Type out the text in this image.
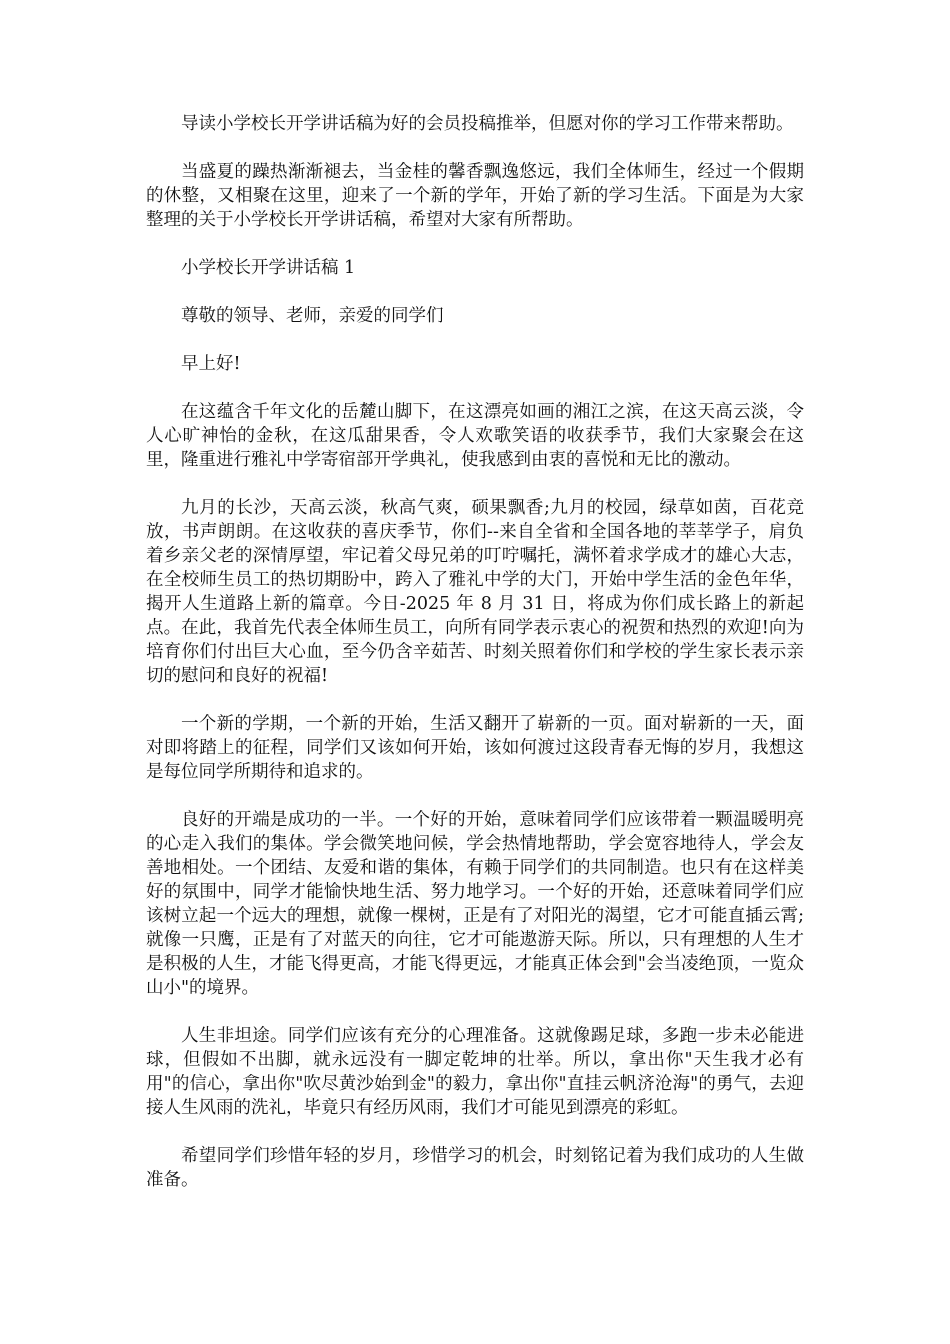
导读小学校长开学讲话稿为好的会员投稿推举，但愿对你的学习工作带来帮助。

当盛夏的躁热渐渐褪去，当金桂的馨香飘逸悠远，我们全体师生，经过一个假期的休整，又相聚在这里，迎来了一个新的学年，开始了新的学习生活。下面是为大家整理的关于小学校长开学讲话稿，希望对大家有所帮助。

小学校长开学讲话稿 1

尊敬的领导、老师，亲爱的同学们

早上好!

在这蕴含千年文化的岳麓山脚下，在这漂亮如画的湘江之滨，在这天高云淡，令人心旷神怡的金秋，在这瓜甜果香，令人欢歌笑语的收获季节，我们大家聚会在这里，隆重进行雅礼中学寄宿部开学典礼，使我感到由衷的喜悦和无比的激动。

九月的长沙，天高云淡，秋高气爽，硕果飘香;九月的校园，绿草如茵，百花竞放，书声朗朗。在这收获的喜庆季节，你们--来自全省和全国各地的莘莘学子，肩负着乡亲父老的深情厚望，牢记着父母兄弟的叮咛嘱托，满怀着求学成才的雄心大志，在全校师生员工的热切期盼中，跨入了雅礼中学的大门，开始中学生活的金色年华，揭开人生道路上新的篇章。今日-2025 年 8 月 31 日，将成为你们成长路上的新起点。在此，我首先代表全体师生员工，向所有同学表示衷心的祝贺和热烈的欢迎!向为培育你们付出巨大心血，至今仍含辛茹苦、时刻关照着你们和学校的学生家长表示亲切的慰问和良好的祝福!

一个新的学期，一个新的开始，生活又翻开了崭新的一页。面对崭新的一天，面对即将踏上的征程，同学们又该如何开始，该如何渡过这段青春无悔的岁月，我想这是每位同学所期待和追求的。

良好的开端是成功的一半。一个好的开始，意味着同学们应该带着一颗温暖明亮的心走入我们的集体。学会微笑地问候，学会热情地帮助，学会宽容地待人，学会友善地相处。一个团结、友爱和谐的集体，有赖于同学们的共同制造。也只有在这样美好的氛围中，同学才能愉快地生活、努力地学习。一个好的开始，还意味着同学们应该树立起一个远大的理想，就像一棵树，正是有了对阳光的渴望，它才可能直插云霄;就像一只鹰，正是有了对蓝天的向往，它才可能遨游天际。所以，只有理想的人生才是积极的人生，才能飞得更高，才能飞得更远，才能真正体会到"会当凌绝顶，一览众山小"的境界。

人生非坦途。同学们应该有充分的心理准备。这就像踢足球，多跑一步未必能进球，但假如不出脚，就永远没有一脚定乾坤的壮举。所以，拿出你"天生我才必有用"的信心，拿出你"吹尽黄沙始到金"的毅力，拿出你"直挂云帆济沧海"的勇气，去迎接人生风雨的洗礼，毕竟只有经历风雨，我们才可能见到漂亮的彩虹。

希望同学们珍惜年轻的岁月，珍惜学习的机会，时刻铭记着为我们成功的人生做准备。
